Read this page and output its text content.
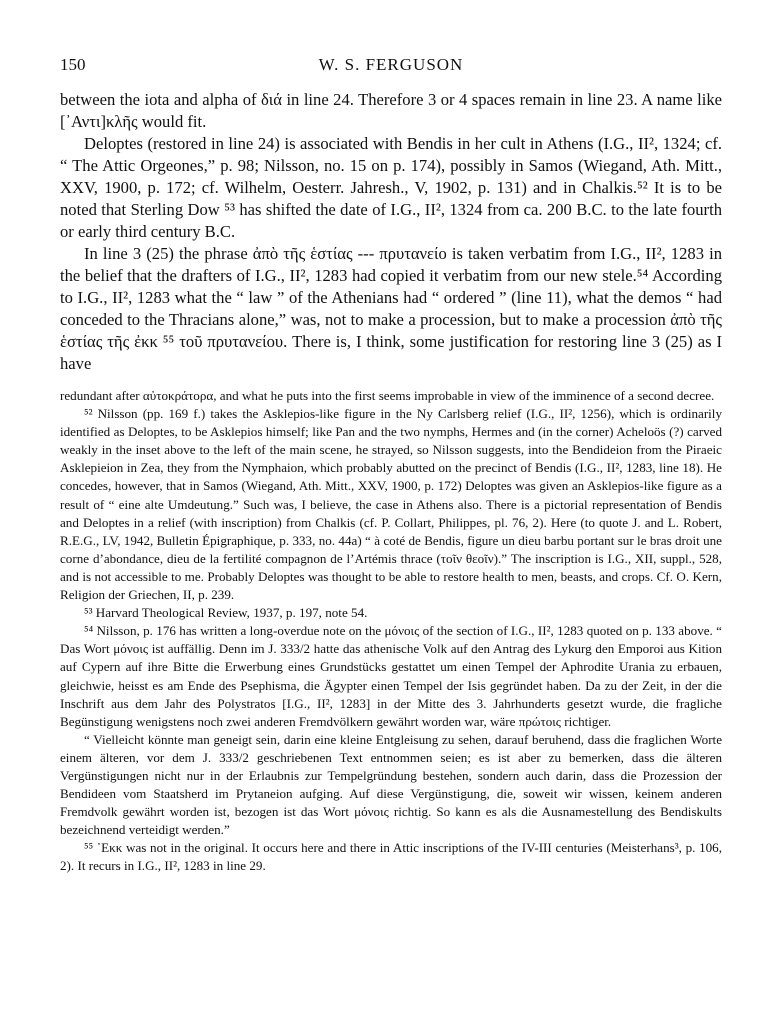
150	W. S. FERGUSON

between the iota and alpha of διά in line 24. Therefore 3 or 4 spaces remain in line 23. A name like [᾽Αντι]κλῆς would fit.

Deloptes (restored in line 24) is associated with Bendis in her cult in Athens (I.G., II², 1324; cf. “ The Attic Orgeones,” p. 98; Nilsson, no. 15 on p. 174), possibly in Samos (Wiegand, Ath. Mitt., XXV, 1900, p. 172; cf. Wilhelm, Oesterr. Jahresh., V, 1902, p. 131) and in Chalkis.⁵² It is to be noted that Sterling Dow ⁵³ has shifted the date of I.G., II², 1324 from ca. 200 B.C. to the late fourth or early third century B.C.

In line 3 (25) the phrase ἀπὸ τῆς ἑστίας --- πρυτανείο is taken verbatim from I.G., II², 1283 in the belief that the drafters of I.G., II², 1283 had copied it verbatim from our new stele.⁵⁴ According to I.G., II², 1283 what the “ law ” of the Athenians had “ ordered ” (line 11), what the demos “ had conceded to the Thracians alone,” was, not to make a procession, but to make a procession ἀπὸ τῆς ἑστίας τῆς ἐκκ ⁵⁵ τοῦ πρυτανείου. There is, I think, some justification for restoring line 3 (25) as I have

redundant after αὐτοκράτορα, and what he puts into the first seems improbable in view of the imminence of a second decree.

⁵² Nilsson (pp. 169 f.) takes the Asklepios-like figure in the Ny Carlsberg relief (I.G., II², 1256), which is ordinarily identified as Deloptes, to be Asklepios himself; like Pan and the two nymphs, Hermes and (in the corner) Acheloös (?) carved weakly in the inset above to the left of the main scene, he strayed, so Nilsson suggests, into the Bendideion from the Piraeic Asklepieion in Zea, they from the Nymphaion, which probably abutted on the precinct of Bendis (I.G., II², 1283, line 18). He concedes, however, that in Samos (Wiegand, Ath. Mitt., XXV, 1900, p. 172) Deloptes was given an Asklepios-like figure as a result of “ eine alte Umdeutung.” Such was, I believe, the case in Athens also. There is a pictorial representation of Bendis and Deloptes in a relief (with inscription) from Chalkis (cf. P. Collart, Philippes, pl. 76, 2). Here (to quote J. and L. Robert, R.E.G., LV, 1942, Bulletin Épigraphique, p. 333, no. 44a) “ à coté de Bendis, figure un dieu barbu portant sur le bras droit une corne d’abondance, dieu de la fertilité compagnon de l’Artémis thrace (τοῖν θεοῖν).” The inscription is I.G., XII, suppl., 528, and is not accessible to me. Probably Deloptes was thought to be able to restore health to men, beasts, and crops. Cf. O. Kern, Religion der Griechen, II, p. 239.

⁵³ Harvard Theological Review, 1937, p. 197, note 54.

⁵⁴ Nilsson, p. 176 has written a long-overdue note on the μόνοις of the section of I.G., II², 1283 quoted on p. 133 above. “ Das Wort μόνοις ist auffällig. Denn im J. 333/2 hatte das athenische Volk auf den Antrag des Lykurg den Emporoi aus Kition auf Cypern auf ihre Bitte die Erwerbung eines Grundstücks gestattet um einen Tempel der Aphrodite Urania zu erbauen, gleichwie, heisst es am Ende des Psephisma, die Ägypter einen Tempel der Isis gegründet haben. Da zu der Zeit, in der die Inschrift aus dem Jahr des Polystratos [I.G., II², 1283] in der Mitte des 3. Jahrhunderts gesetzt wurde, die fragliche Begünstigung wenigstens noch zwei anderen Fremdvölkern gewährt worden war, wäre πρώτοις richtiger.

“ Vielleicht könnte man geneigt sein, darin eine kleine Entgleisung zu sehen, darauf beruhend, dass die fraglichen Worte einem älteren, vor dem J. 333/2 geschriebenen Text entnommen seien; es ist aber zu bemerken, dass die älteren Vergünstigungen nicht nur in der Erlaubnis zur Tempelgründung bestehen, sondern auch darin, dass die Prozession der Bendideen vom Staatsherd im Prytaneion aufging. Auf diese Vergünstigung, die, soweit wir wissen, keinem anderen Fremdvolk gewährt worden ist, bezogen ist das Wort μόνοις richtig. So kann es als die Ausnamestellung des Bendiskults bezeichnend verteidigt werden.”

⁵⁵ ᾽Εκκ was not in the original. It occurs here and there in Attic inscriptions of the IV-III centuries (Meisterhans³, p. 106, 2). It recurs in I.G., II², 1283 in line 29.
